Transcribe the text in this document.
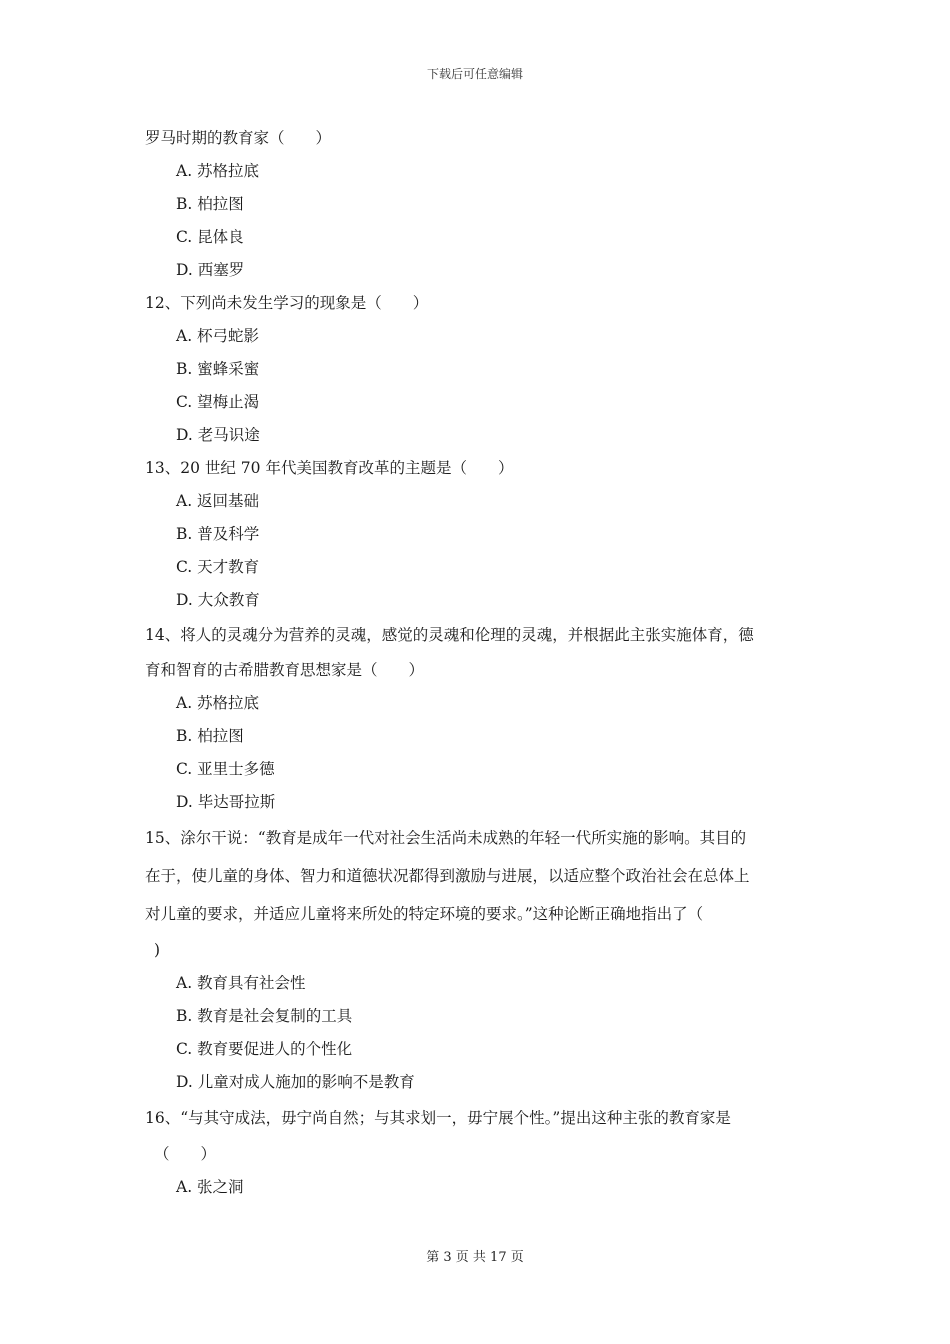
下载后可任意编辑
罗马时期的教育家（　　）
A. 苏格拉底
B. 柏拉图
C. 昆体良
D. 西塞罗
12、下列尚未发生学习的现象是（　　）
A. 杯弓蛇影
B. 蜜蜂采蜜
C. 望梅止渴
D. 老马识途
13、20 世纪 70 年代美国教育改革的主题是（　　）
A. 返回基础
B. 普及科学
C. 天才教育
D. 大众教育
14、将人的灵魂分为营养的灵魂，感觉的灵魂和伦理的灵魂，并根据此主张实施体育，德
育和智育的古希腊教育思想家是（　　）
A. 苏格拉底
B. 柏拉图
C. 亚里士多德
D. 毕达哥拉斯
15、涂尔干说：“教育是成年一代对社会生活尚未成熟的年轻一代所实施的影响。其目的
在于，使儿童的身体、智力和道德状况都得到激励与进展，以适应整个政治社会在总体上
对儿童的要求，并适应儿童将来所处的特定环境的要求。”这种论断正确地指出了（
)
A. 教育具有社会性
B. 教育是社会复制的工具
C. 教育要促进人的个性化
D. 儿童对成人施加的影响不是教育
16、“与其守成法，毋宁尚自然；与其求划一，毋宁展个性。”提出这种主张的教育家是
（　　）
A. 张之洞
第 3 页 共 17 页
